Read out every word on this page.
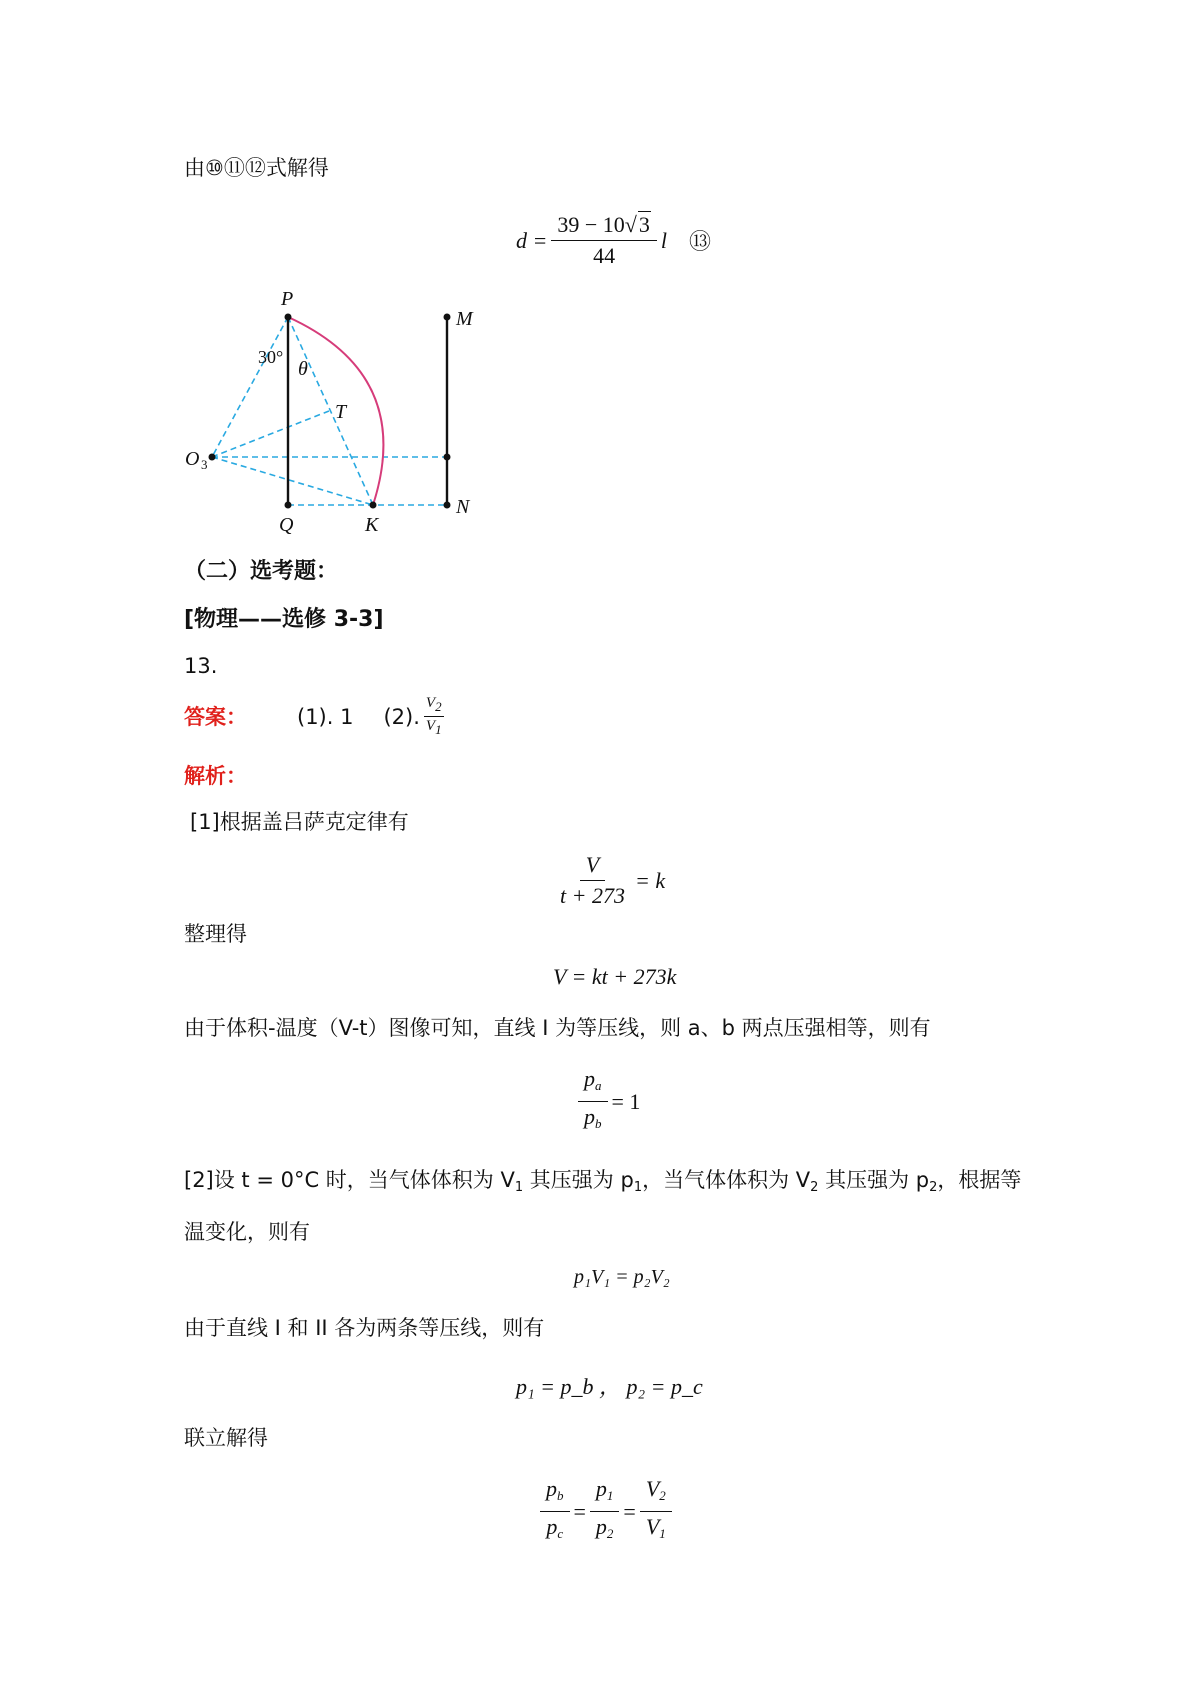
由⑩⑪⑫式解得
$d = \frac{39 - 10√3}{44}$ l ⑬
P
M
θ
T
O
Q	K
N
3
30°
（二）选考题：
[物理——选修 3-3]
13.
答案： (1). 1 (2). $\frac{V_2}{V_1}$
解析：
[1]根据盖吕萨克定律有
$\frac{V}{t + 273} = k$
整理得
V = kt + 273k
由于体积-温度（V-t）图像可知，直线 I 为等压线，则 a、b 两点压强相等，则有
$\frac{p_a}{p_b} = 1$
[2]设 t = 0°C 时，当气体体积为 $V_1$ 其压强为 $p_1$，当气体体积为 $V_2$ 其压强为 $p_2$，根据等
温变化，则有
p₁V₁ = p₂V₂
由于直线 I 和 II 各为两条等压线，则有
p₁ = p_b ， p₂ = p_c
联立解得
$\frac{p_b}{p_c} = \frac{p_1}{p_2} = \frac{V_2}{V_1}$
